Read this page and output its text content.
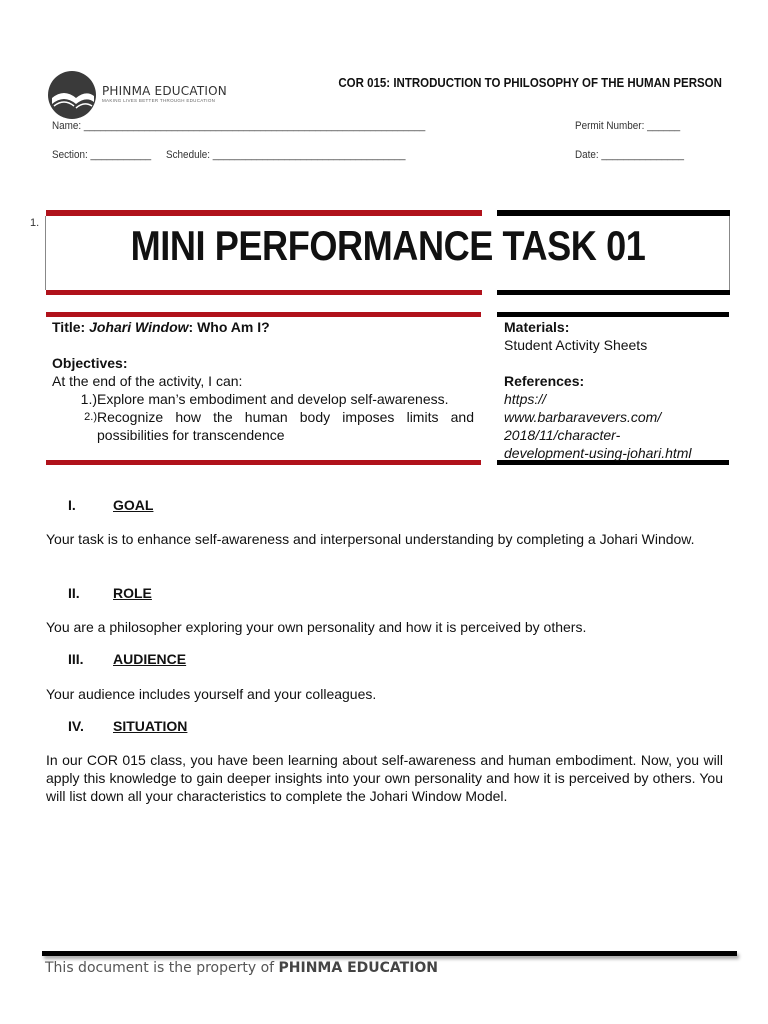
PHINMA EDUCATION
MAKING LIVES BETTER THROUGH EDUCATION
COR 015: INTRODUCTION TO PHILOSOPHY OF THE HUMAN PERSON
Name: ______________________________________________________________	Permit Number: ______
Section: ___________ Schedule: ___________________________________	Date: _______________
1.	MINI PERFORMANCE TASK 01
Title: Johari Window: Who Am I?
Objectives:
At the end of the activity, I can:
1.) Explore man’s embodiment and develop self-awareness.
2.) Recognize how the human body imposes limits and possibilities for transcendence
Materials:
Student Activity Sheets
References:
https://
www.barbaravevers.com/
2018/11/character-
development-using-johari.html
I.	GOAL
Your task is to enhance self-awareness and interpersonal understanding by completing a Johari Window.
II. ROLE
You are a philosopher exploring your own personality and how it is perceived by others.
III. AUDIENCE
Your audience includes yourself and your colleagues.
IV. SITUATION
In our COR 015 class, you have been learning about self-awareness and human embodiment. Now, you will apply this knowledge to gain deeper insights into your own personality and how it is perceived by others. You will list down all your characteristics to complete the Johari Window Model.
This document is the property of PHINMA EDUCATION
